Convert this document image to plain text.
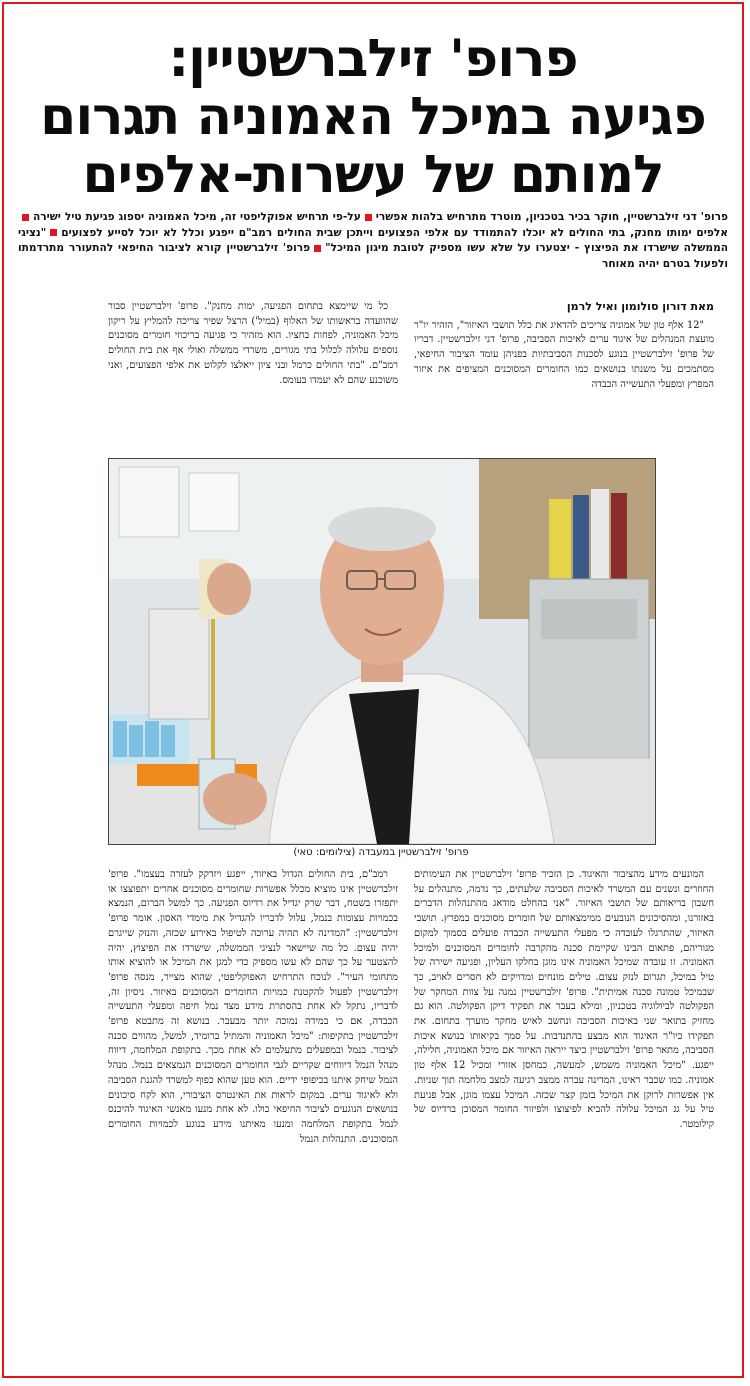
פרופ' זילברשטיין:
פגיעה במיכל האמוניה תגרום
למותם של עשרות-אלפים
פרופ' דני זילברשטיין, חוקר בכיר בטכניון, מוטרד מתרחיש בלהות אפשריעל-פי תרחיש אפוקליפטי זה, מיכל האמוניה יספוג פגיעת טיל ישירהאלפים ימותו מחנק, בתי החולים לא יוכלו להתמודד עם אלפי הפצועים וייתכן שבית החולים רמב"ם ייפגע וכלל לא יוכל לסייע לפצועים"נציגי הממשלה שישרדו את הפיצוץ - יצטערו על שלא עשו מספיק לטובת מיגון המיכל"פרופ' זילברשטיין קורא לציבור החיפאי להתעורר מתרדמתו ולפעול בטרם יהיה מאוחר
מאת דורון סולומון ואיל לרמן

"12 אלף טון של אמוניה צריכים להדאיג את כלל תושבי האיזור", הזהיר יו"ר מועצת המנהלים של איגוד ערים לאיכות הסביבה, פרופ' דני זילברשטיין. דבריו של פרופ' זילברשטיין בנוגע לסכנות הסביבתיות בפניהן עומד הציבור החיפאי, מסתמכים על משנתו בנושאים כמו החומרים המסוכנים המציפים את איזור המפרץ ומפעלי התעשייה הכבדה

כל מי שיימצא בתחום הפגיעה, ימות מחנק". פרופ' זילברשטיין סבור שהוועדה בראשותו של האלוף (במיל') הרצל שפיר צריכה להמליץ על ריקון מיכל האמוניה, לפחות בחציו. הוא מזהיר כי פגיעה בריכוזי חומרים מסוכנים נוספים עלולה לכלול בתי מגורים, משרדי ממשלה ואולי אף את בית החולים רמב"ם. "בתי החולים כרמל ובני ציון ייאלצו לקלוט את אלפי הפצועים, ואני משוכנע שהם לא יעמדו בעומס.

פרופ' זילברשטיין במעבדה (צילומים: טאי)

המונעים מידע מהציבור והאיגוד. כן הזכיר פרופ' זילברשטיין את העימותים החוזרים ונשנים עם המשרד לאיכות הסביבה שלעתים, כך נדמה, מתנהלים על חשבון בריאותם של תושבי האיזור. "אני בהחלט מודאג מהתנהלות הדברים באזורנו, ומהסיכונים הנובעים ממימצאותם של חומרים מסוכנים במפרץ. תושבי האיזור, שהתרגלו לעובדה כי מפעלי התעשייה הכבדה פועלים בסמוך למקום מגוריהם, פתאום הבינו שקיימת סכנה מהקרבה לחומרים המסוכנים ולמיכל האמוניה. זו עובדה שמיכל האמוניה אינו מוגן בחלקו העליון, ופגיעה ישירה של טיל במיכל, תגרום לנזק עצום. טילים מונחים ומדויקים לא חסרים לאויב, כך שבמיכל טמונה סכנה אמיתית". פרופ' זילברשטיין נמנה על צוות המחקר של הפקולטה לביולוגיה בטכניון, ומילא בעבר את תפקיד דיקן הפקולטה. הוא גם מחזיק בתואר שני באיכות הסביבה ונחשב לאיש מחקר מוערך בתחום. את תפקידו כיו"ר האיגוד הוא מבצע בהתנדבות. על סמך בקיאותו בנושא איכות הסביבה, מתאר פרופ' זילברשטיין כיצד ייראה האיזור אם מיכל האמוניה, חלילה, ייפגע. "מיכל האמוניה משמש, למעשה, כמחסן אזורי ומכיל 12 אלף טון אמוניה. כמו שכבר ראינו, המדינה עברה ממצב רגיעה למצב מלחמה תוך שניות. אין אפשרות לרוקן את המיכל בזמן קצר שכזה. המיכל עצמו מוגן, אבל פגיעת טיל על גג המיכל עלולה להביא לפיצוצו ולפיזור החומר המסוכן ברדיוס של קילומטר.

רמב"ם, בית החולים הגדול באיזור, ייפגע ויזדקק לעזרה בעצמו". פרופ' זילברשטיין אינו מוציא מכלל אפשרות שחומרים מסוכנים אחרים יתפוצצו או יתפזרו בשטח, דבר שרק יגדיל את רדיוס הפגיעה. כך למשל הברום, הנמצא בכמויות עצומות בנמל, עלול לדבריו להגדיל את מימדי האסון. אומר פרופ' זילברשטיין: "המדינה לא תהיה ערוכה לטיפול באירוע שכזה, והנזק שייגרם יהיה עצום. כל מה שיישאר לנציגי הממשלה, שישרדו את הפיצוץ, יהיה להצטער על כך שהם לא עשו מספיק כדי למגן את המיכל או להוציא אותו מתחומי העיר". לנוכח התרחיש האפוקליפטי, שהוא מצייר, מנסה פרופ' זילברשטיין לפעול להקטנת כמויות החומרים המסוכנים באיזור. ניסיון זה, לדבריו, נתקל לא אחת בהסתרת מידע מצד נמל חיפה ומפעלי התעשייה הכבדה, אם כי במידה נמוכה יותר מבעבר. בנושא זה מתבטא פרופ' זילברשטיין בתקיפות: "מיכל האמוניה והמתיל ברומיד, למשל, מהווים סכנה לציבור. בנמל ובמפעלים מתעלמים לא אחת מכך. בתקופת המלחמה, דיווח מנהל הנמל דיווחים שקריים לגבי החומרים המסוכנים הנמצאים בנמל. מנהל הנמל שיחק איתנו בכיפופי ידיים. הוא טען שהוא כפוף למשרד להגנת הסביבה ולא לאיגוד ערים. במקום לראות את האינטרס הציבורי, הוא לקח סיכונים בנושאים הנוגעים לציבור החיפאי כולו. לא אחת מנעו מאנשי האיגוד להיכנס לנמל בתקופת המלחמה ומנעו מאיתנו מידע בנוגע לכמויות החומרים המסוכנים. התנהלות הנמל
